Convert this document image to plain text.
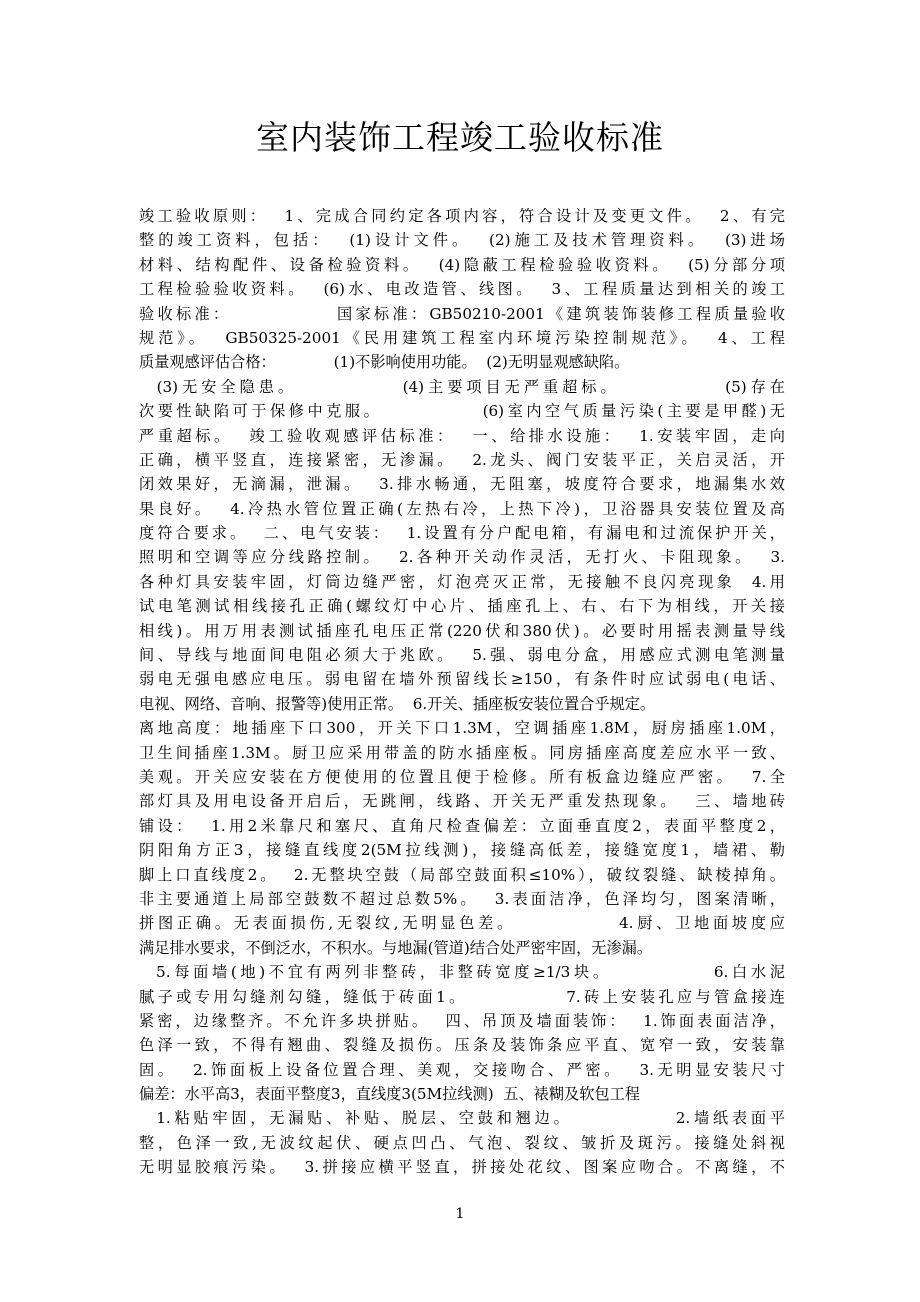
室内装饰工程竣工验收标准
竣工验收原则：  1、完成合同约定各项内容，符合设计及变更文件。  2、有完
整的竣工资料，包括：  (1)设计文件。  (2)施工及技术管理资料。  (3)进场
材料、结构配件、设备检验资料。  (4)隐蔽工程检验验收资料。  (5)分部分项
工程检验验收资料。  (6)水、电改造管、线图。  3、工程质量达到相关的竣工
验收标准：             国家标准：GB50210-2001《建筑装饰装修工程质量验收
规范》。  GB50325-2001《民用建筑工程室内环境污染控制规范》。  4、工程
质量观感评估合格：            (1)不影响使用功能。  (2)无明显观感缺陷。
(3)无安全隐患。            (4)主要项目无严重超标。            (5)存在
次要性缺陷可于保修中克服。            (6)室内空气质量污染(主要是甲醛)无
严重超标。  竣工验收观感评估标准：  一、给排水设施：  1.安装牢固，走向
正确，横平竖直，连接紧密，无渗漏。  2.龙头、阀门安装平正，关启灵活，开
闭效果好，无滴漏，泄漏。  3.排水畅通，无阻塞，坡度符合要求，地漏集水效
果良好。  4.冷热水管位置正确(左热右冷，上热下冷)，卫浴器具安装位置及高
度符合要求。  二、电气安装：  1.设置有分户配电箱，有漏电和过流保护开关，
照明和空调等应分线路控制。  2.各种开关动作灵活，无打火、卡阻现象。  3.
各种灯具安装牢固，灯筒边缝严密，灯泡亮灭正常，无接触不良闪亮现象  4.用
试电笔测试相线接孔正确(螺纹灯中心片、插座孔上、右、右下为相线，开关接
相线)。用万用表测试插座孔电压正常(220伏和380伏)。必要时用摇表测量导线
间、导线与地面间电阻必须大于兆欧。  5.强、弱电分盒，用感应式测电笔测量
弱电无强电感应电压。弱电留在墙外预留线长≥150，有条件时应试弱电(电话、
电视、网络、音响、报警等)使用正常。  6.开关、插座板安装位置合乎规定。
离地高度：地插座下口300，开关下口1.3M，空调插座1.8M，厨房插座1.0M，
卫生间插座1.3M。厨卫应采用带盖的防水插座板。同房插座高度差应水平一致、
美观。开关应安装在方便使用的位置且便于检修。所有板盒边缝应严密。  7.全
部灯具及用电设备开启后，无跳闸，线路、开关无严重发热现象。  三、墙地砖
铺设：  1.用2米靠尺和塞尺、直角尺检查偏差：立面垂直度2，表面平整度2，
阴阳角方正3，接缝直线度2(5M拉线测)，接缝高低差，接缝宽度1，墙裙、勒
脚上口直线度2。  2.无整块空鼓（局部空鼓面积≤10%），破纹裂缝、缺棱掉角。
非主要通道上局部空鼓数不超过总数5%。  3.表面洁净，色泽均匀，图案清晰，
拼图正确。无表面损伤,无裂纹,无明显色差。            4.厨、卫地面坡度应
满足排水要求，不倒泛水，不积水。与地漏(管道)结合处严密牢固，无渗漏。
5.每面墙(地)不宜有两列非整砖，非整砖宽度≥1/3块。            6.白水泥
腻子或专用勾缝剂勾缝，缝低于砖面1。            7.砖上安装孔应与管盒接连
紧密，边缘整齐。不允许多块拼贴。  四、吊顶及墙面装饰：  1.饰面表面洁净，
色泽一致，不得有翘曲、裂缝及损伤。压条及装饰条应平直、宽窄一致，安装靠
固。  2.饰面板上设备位置合理、美观，交接吻合、严密。  3.无明显安装尺寸
偏差：水平高3，表面平整度3，直线度3(5M拉线测)  五、裱糊及软包工程
1.粘贴牢固，无漏贴、补贴、脱层、空鼓和翘边。            2.墙纸表面平
整，色泽一致,无波纹起伏、硬点凹凸、气泡、裂纹、皱折及斑污。接缝处斜视
无明显胶痕污染。  3.拼接应横平竖直，拼接处花纹、图案应吻合。不离缝，不
1
